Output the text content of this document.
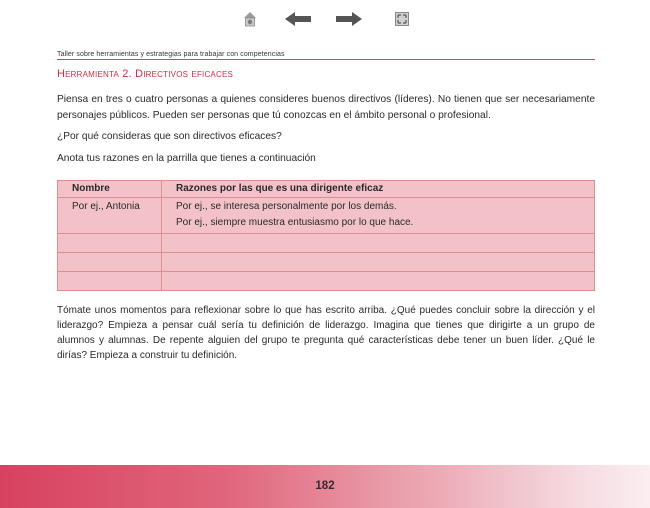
Taller sobre herramientas y estrategias para trabajar con competencias
Herramienta 2. Directivos eficaces

Piensa en tres o cuatro personas a quienes consideres buenos directivos (líderes). No tienen que ser necesariamente personajes públicos. Pueden ser personas que tú conozcas en el ámbito personal o profesional.

¿Por qué consideras que son directivos eficaces?

Anota tus razones en la parrilla que tienes a continuación

Nombre	Razones por las que es una dirigente eficaz
Por ej., Antonia	Por ej., se interesa personalmente por los demás.
Por ej., siempre muestra entusiasmo por lo que hace.

Tómate unos momentos para reflexionar sobre lo que has escrito arriba. ¿Qué puedes concluir sobre la dirección y el liderazgo? Empieza a pensar cuál sería tu definición de liderazgo. Imagina que tienes que dirigirte a un grupo de alumnos y alumnas. De repente alguien del grupo te pregunta qué características debe tener un buen líder. ¿Qué le dirías? Empieza a construir tu definición.

182
